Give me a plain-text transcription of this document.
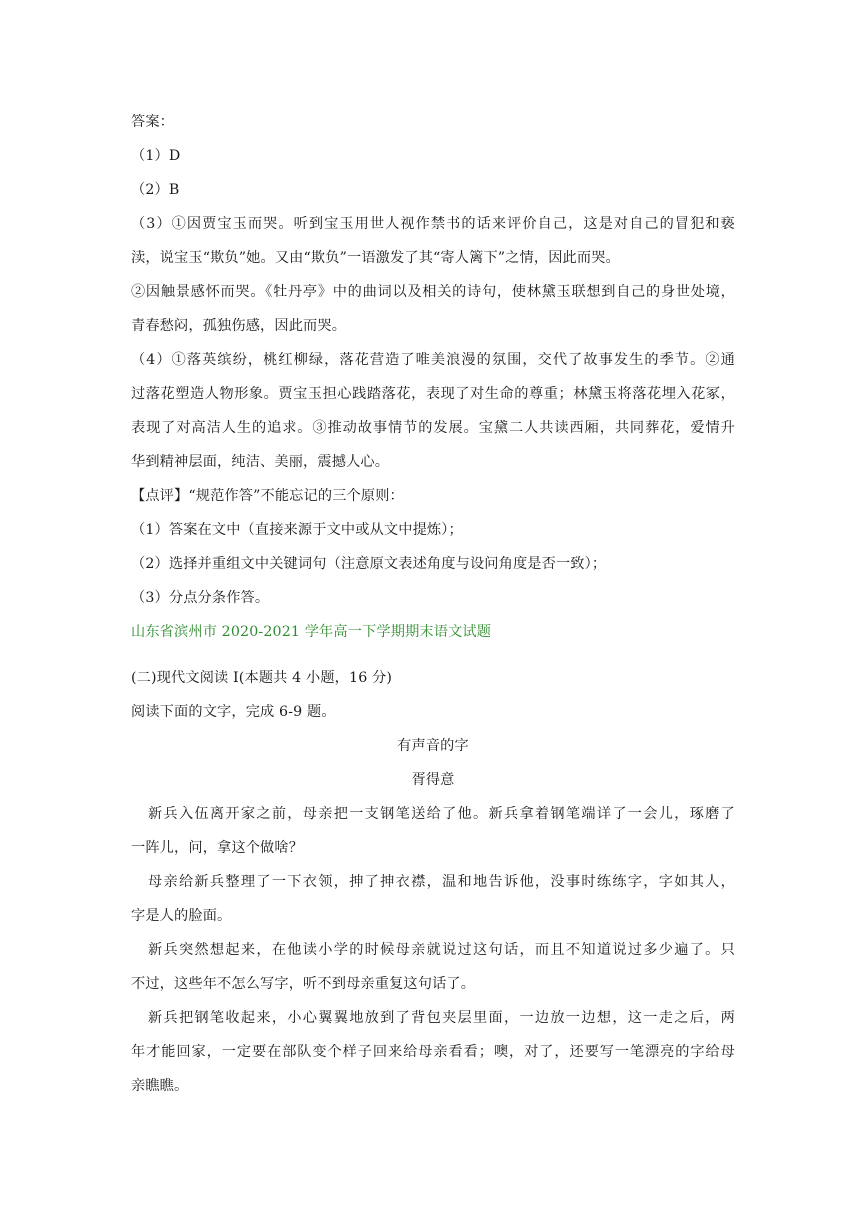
答案：
（1）D
（2）B
（3）①因贾宝玉而哭。听到宝玉用世人视作禁书的话来评价自己，这是对自己的冒犯和亵
渎，说宝玉“欺负”她。又由“欺负”一语激发了其“寄人篱下”之情，因此而哭。
②因触景感怀而哭。《牡丹亭》中的曲词以及相关的诗句，使林黛玉联想到自己的身世处境，
青春愁闷，孤独伤感，因此而哭。
（4）①落英缤纷，桃红柳绿，落花营造了唯美浪漫的氛围，交代了故事发生的季节。②通
过落花塑造人物形象。贾宝玉担心践踏落花，表现了对生命的尊重；林黛玉将落花埋入花冢，
表现了对高洁人生的追求。③推动故事情节的发展。宝黛二人共读西厢，共同葬花，爱情升
华到精神层面，纯洁、美丽，震撼人心。
【点评】“规范作答”不能忘记的三个原则：
（1）答案在文中（直接来源于文中或从文中提炼）；
（2）选择并重组文中关键词句（注意原文表述角度与设问角度是否一致）；
（3）分点分条作答。
山东省滨州市 2020-2021 学年高一下学期期末语文试题
(二)现代文阅读 I(本题共 4 小题，16 分)
阅读下面的文字，完成 6-9 题。
有声音的字
胥得意
新兵入伍离开家之前，母亲把一支钢笔送给了他。新兵拿着钢笔端详了一会儿，琢磨了
一阵儿，问，拿这个做啥？
母亲给新兵整理了一下衣领，抻了抻衣襟，温和地告诉他，没事时练练字，字如其人，
字是人的脸面。
新兵突然想起来，在他读小学的时候母亲就说过这句话，而且不知道说过多少遍了。只
不过，这些年不怎么写字，听不到母亲重复这句话了。
新兵把钢笔收起来，小心翼翼地放到了背包夹层里面，一边放一边想，这一走之后，两
年才能回家，一定要在部队变个样子回来给母亲看看；噢，对了，还要写一笔漂亮的字给母
亲瞧瞧。
